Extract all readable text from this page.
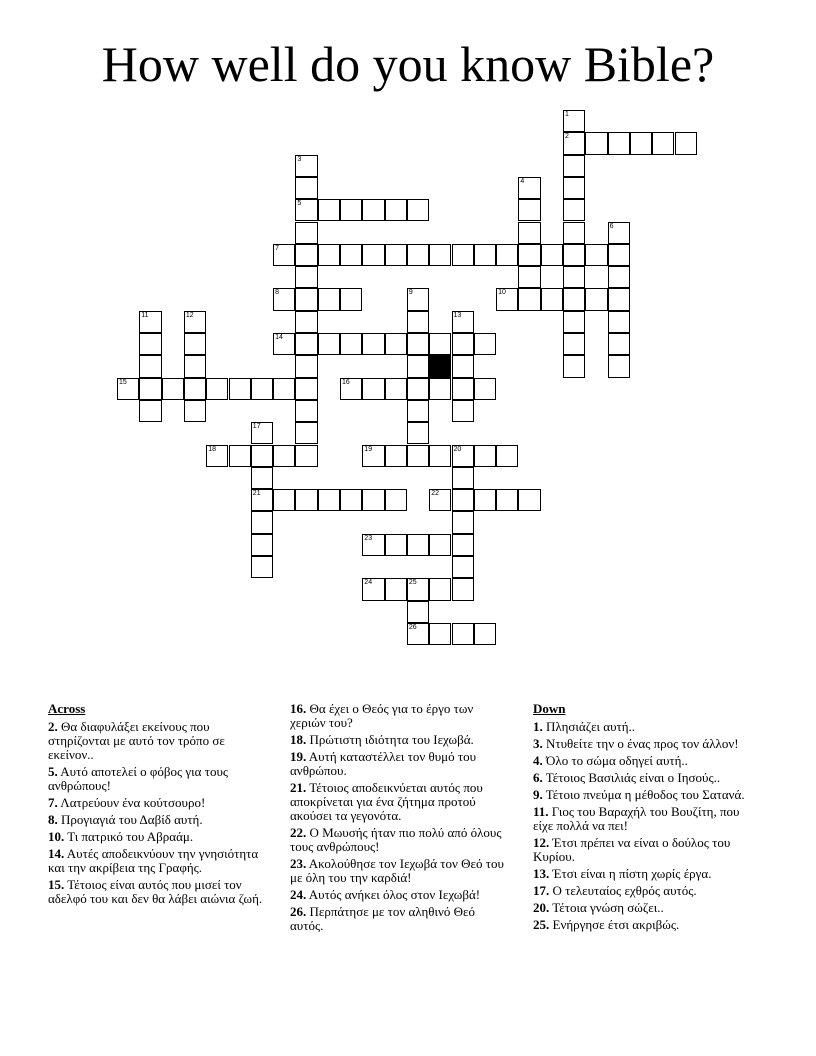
How well do you know Bible?
2
5
7
8	10
14
15	16
18	19	20
21	22
23
24	25
26
1
3
4
6
9
11	12	13
17
Across
2. Θα διαφυλάξει εκείνους που στηρίζονται με αυτό τον τρόπο σε εκείνον..
5. Αυτό αποτελεί ο φόβος για τους ανθρώπους!
7. Λατρεύουν ένα κούτσουρο!
8. Προγιαγιά του Δαβίδ αυτή.
10. Τι πατρικό του Αβραάμ.
14. Αυτές αποδεικνύουν την γνησιότητα και την ακρίβεια της Γραφής.
15. Τέτοιος είναι αυτός που μισεί τον αδελφό του και δεν θα λάβει αιώνια ζωή.
16. Θα έχει ο Θεός για το έργο των χεριών του?
18. Πρώτιστη ιδιότητα του Ιεχωβά.
19. Αυτή καταστέλλει τον θυμό του ανθρώπου.
21. Τέτοιος αποδεικνύεται αυτός που αποκρίνεται για ένα ζήτημα προτού ακούσει τα γεγονότα.
22. Ο Μωυσής ήταν πιο πολύ από όλους τους ανθρώπους!
23. Ακολούθησε τον Ιεχωβά τον Θεό του με όλη του την καρδιά!
24. Αυτός ανήκει όλος στον Ιεχωβά!
26. Περπάτησε με τον αληθινό Θεό αυτός.
Down
1. Πλησιάζει αυτή..
3. Ντυθείτε την ο ένας προς τον άλλον!
4. Όλο το σώμα οδηγεί αυτή..
6. Τέτοιος Βασιλιάς είναι ο Ιησούς..
9. Τέτοιο πνεύμα η μέθοδος του Σατανά.
11. Γιος του Βαραχήλ του Βουζίτη, που είχε πολλά να πει!
12. Έτσι πρέπει να είναι ο δούλος του Κυρίου.
13. Έτσι είναι η πίστη χωρίς έργα.
17. Ο τελευταίος εχθρός αυτός.
20. Τέτοια γνώση σώζει..
25. Ενήργησε έτσι ακριβώς.
